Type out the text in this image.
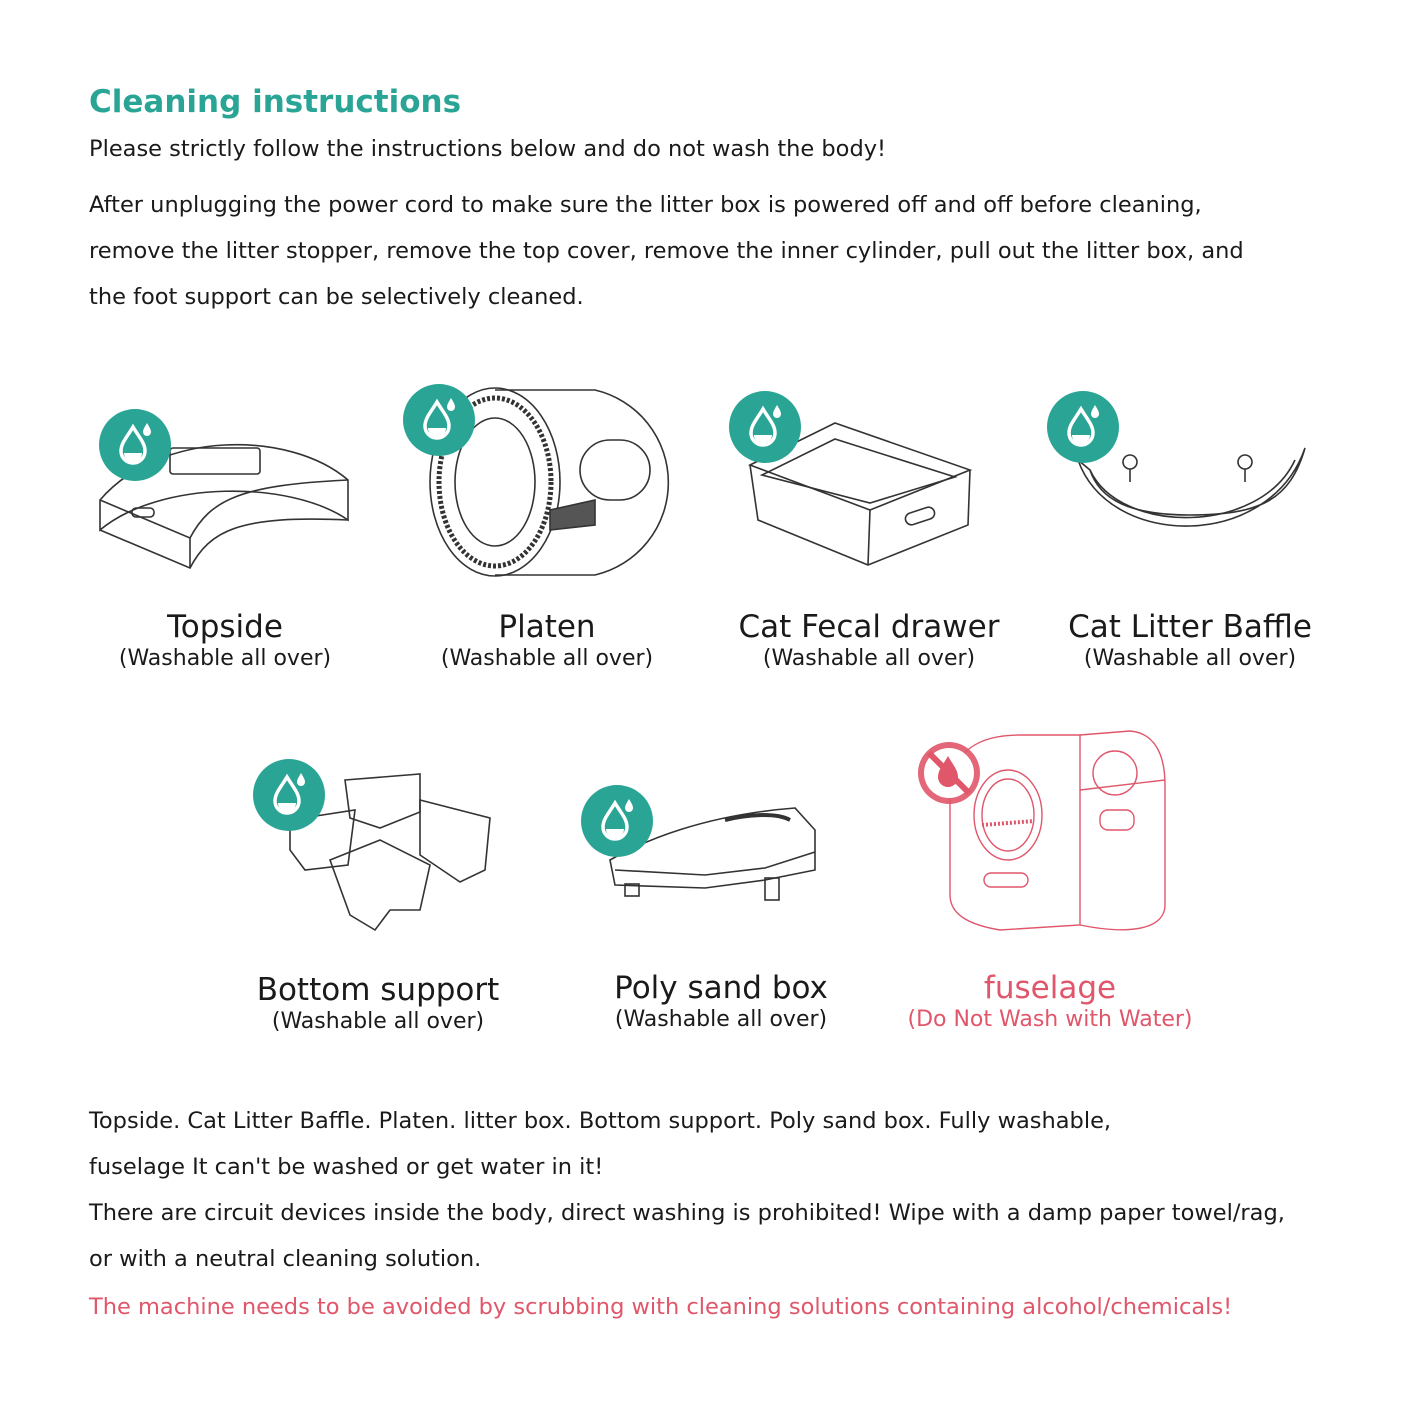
Cleaning instructions
Please strictly follow the instructions below and do not wash the body!
After unplugging the power cord to make sure the litter box is powered off and off before cleaning,
remove the litter stopper, remove the top cover, remove the inner cylinder, pull out the litter box, and
the foot support can be selectively cleaned.
Topside
(Washable all over)
Platen
(Washable all over)
Cat Fecal drawer
(Washable all over)
Cat Litter Baffle
(Washable all over)
Bottom support
(Washable all over)
Poly sand box
(Washable all over)
fuselage
(Do Not Wash with Water)
Topside. Cat Litter Baffle. Platen. litter box. Bottom support. Poly sand box. Fully washable,
fuselage It can't be washed or get water in it!
There are circuit devices inside the body, direct washing is prohibited! Wipe with a damp paper towel/rag,
or with a neutral cleaning solution.
The machine needs to be avoided by scrubbing with cleaning solutions containing alcohol/chemicals!
